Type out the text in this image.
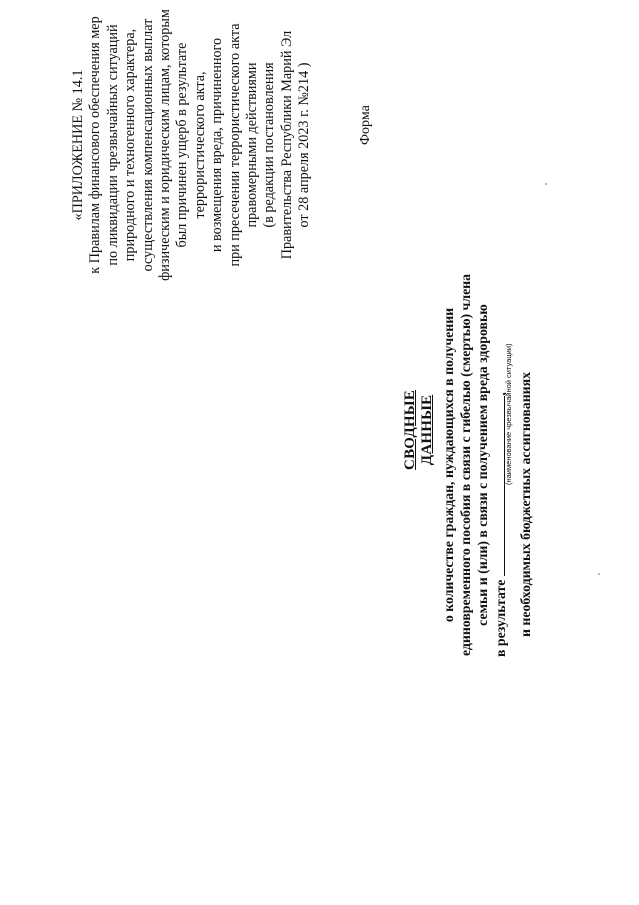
«ПРИЛОЖЕНИЕ № 14.1 к Правилам финансового обеспечения мер по ликвидации чрезвычайных ситуаций природного и техногенного характера, осуществления компенсационных выплат физическим и юридическим лицам, которым был причинен ущерб в результате террористического акта, и возмещения вреда, причиненного при пресечении террористического акта правомерными действиями (в редакции постановления Правительства Республики Марий Эл от 28 апреля 2023 г. №214 )	Форма
СВОДНЫЕ ДАННЫЕ о количестве граждан, нуждающихся в получении единовременного пособия в связи с гибелью (смертью) члена семьи и (или) в связи с получением вреда здоровью в результате,
(наименование чрезвычайной ситуации) и необходимых бюджетных ассигнованиях
